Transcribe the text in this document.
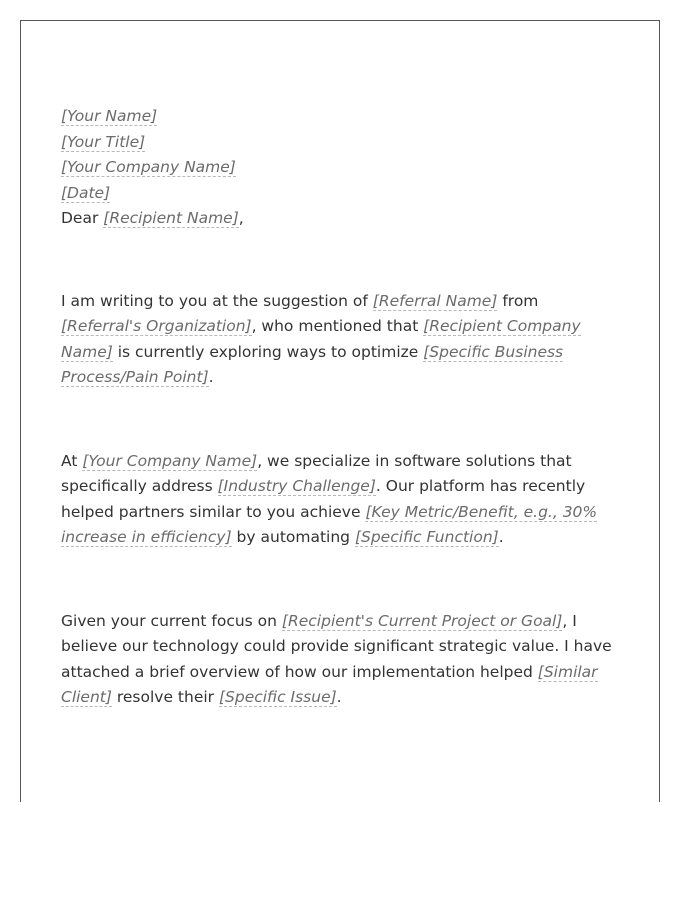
[Your Name]
[Your Title]
[Your Company Name]
[Date]

Dear [Recipient Name],

I am writing to you at the suggestion of [Referral Name] from [Referral's Organization], who mentioned that [Recipient Company Name] is currently exploring ways to optimize [Specific Business Process/Pain Point].

At [Your Company Name], we specialize in software solutions that specifically address [Industry Challenge]. Our platform has recently helped partners similar to you achieve [Key Metric/Benefit, e.g., 30% increase in efficiency] by automating [Specific Function].

Given your current focus on [Recipient's Current Project or Goal], I believe our technology could provide significant strategic value. I have attached a brief overview of how our implementation helped [Similar Client] resolve their [Specific Issue].
